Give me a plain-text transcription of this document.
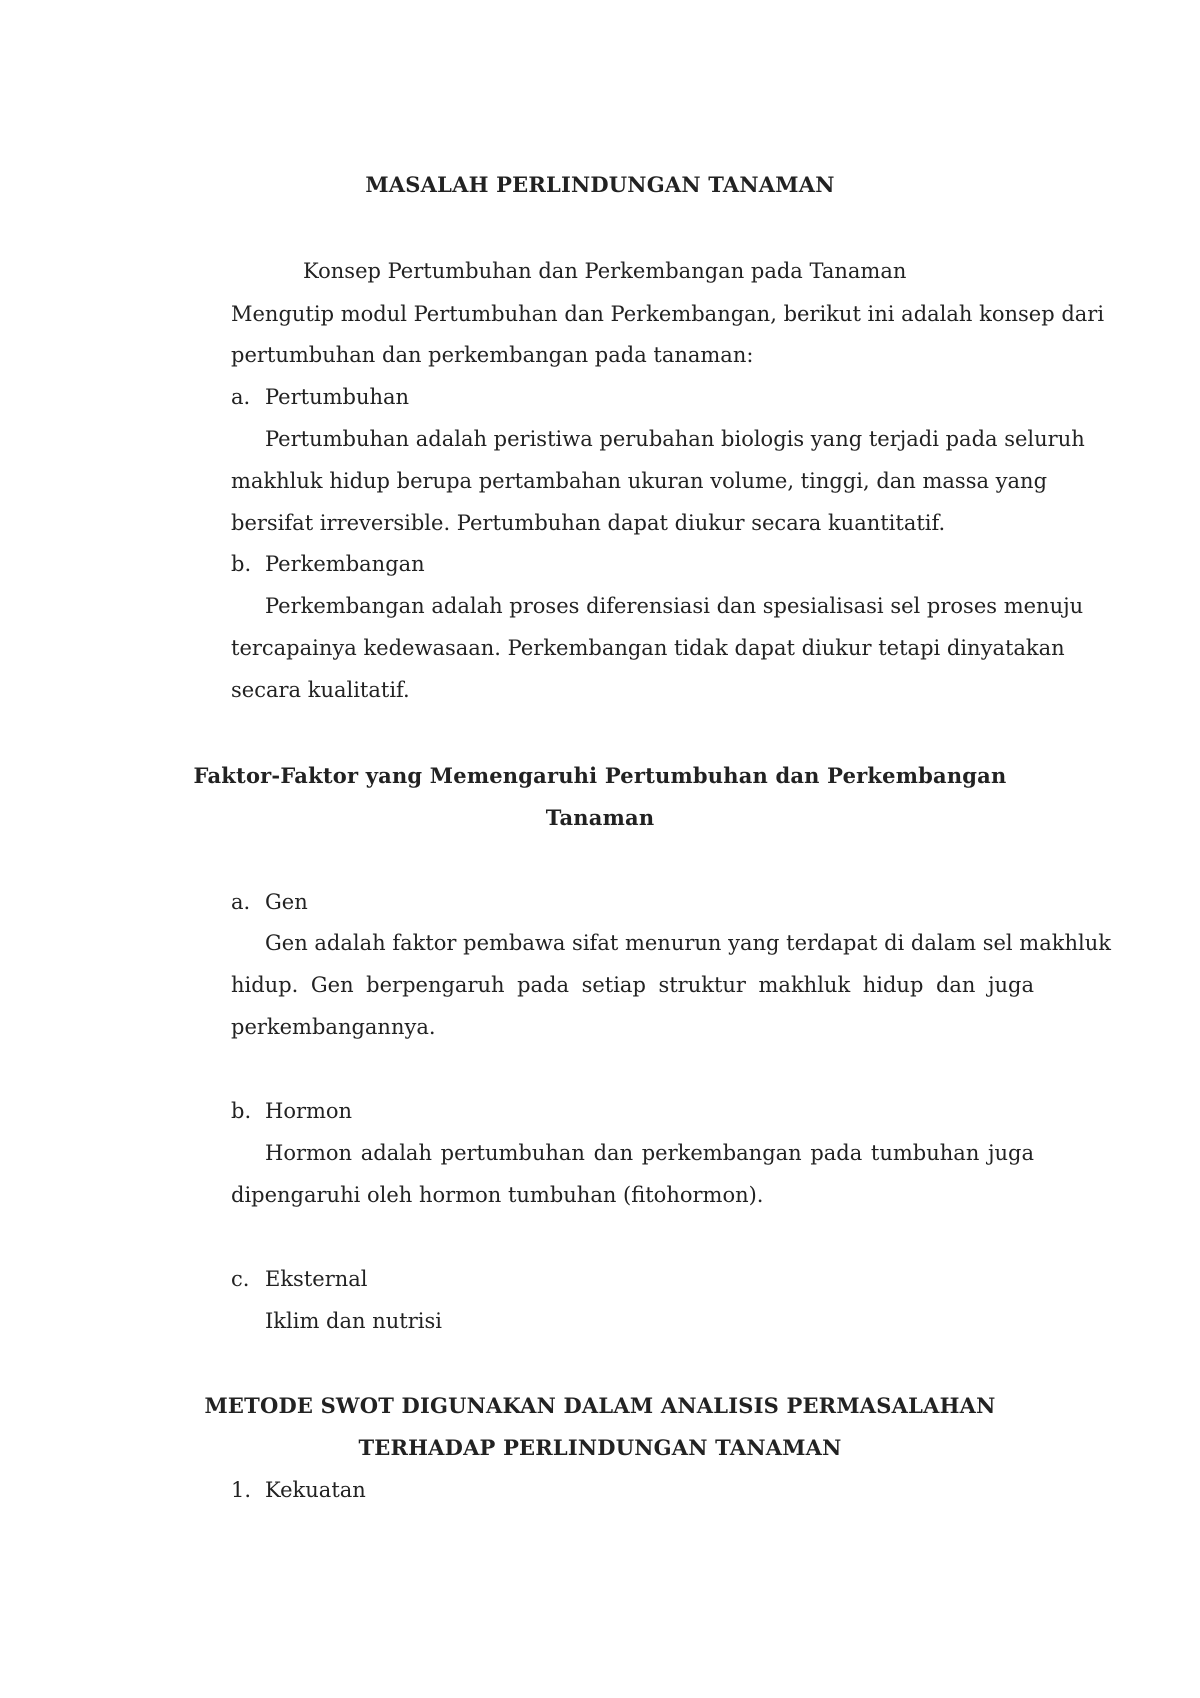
MASALAH PERLINDUNGAN TANAMAN

Konsep Pertumbuhan dan Perkembangan pada Tanaman

Mengutip modul Pertumbuhan dan Perkembangan, berikut ini adalah konsep dari

pertumbuhan dan perkembangan pada tanaman:

a. Pertumbuhan

Pertumbuhan adalah peristiwa perubahan biologis yang terjadi pada seluruh

makhluk hidup berupa pertambahan ukuran volume, tinggi, dan massa yang

bersifat irreversible. Pertumbuhan dapat diukur secara kuantitatif.

b. Perkembangan

Perkembangan adalah proses diferensiasi dan spesialisasi sel proses menuju

tercapainya kedewasaan. Perkembangan tidak dapat diukur tetapi dinyatakan

secara kualitatif.

Faktor-Faktor yang Memengaruhi Pertumbuhan dan Perkembangan

Tanaman

a. Gen

Gen adalah faktor pembawa sifat menurun yang terdapat di dalam sel makhluk

hidup. Gen berpengaruh pada setiap struktur makhluk hidup dan juga

perkembangannya.

b. Hormon

Hormon adalah pertumbuhan dan perkembangan pada tumbuhan juga

dipengaruhi oleh hormon tumbuhan (fitohormon).

c. Eksternal

Iklim dan nutrisi

METODE SWOT DIGUNAKAN DALAM ANALISIS PERMASALAHAN

TERHADAP PERLINDUNGAN TANAMAN

1. Kekuatan
